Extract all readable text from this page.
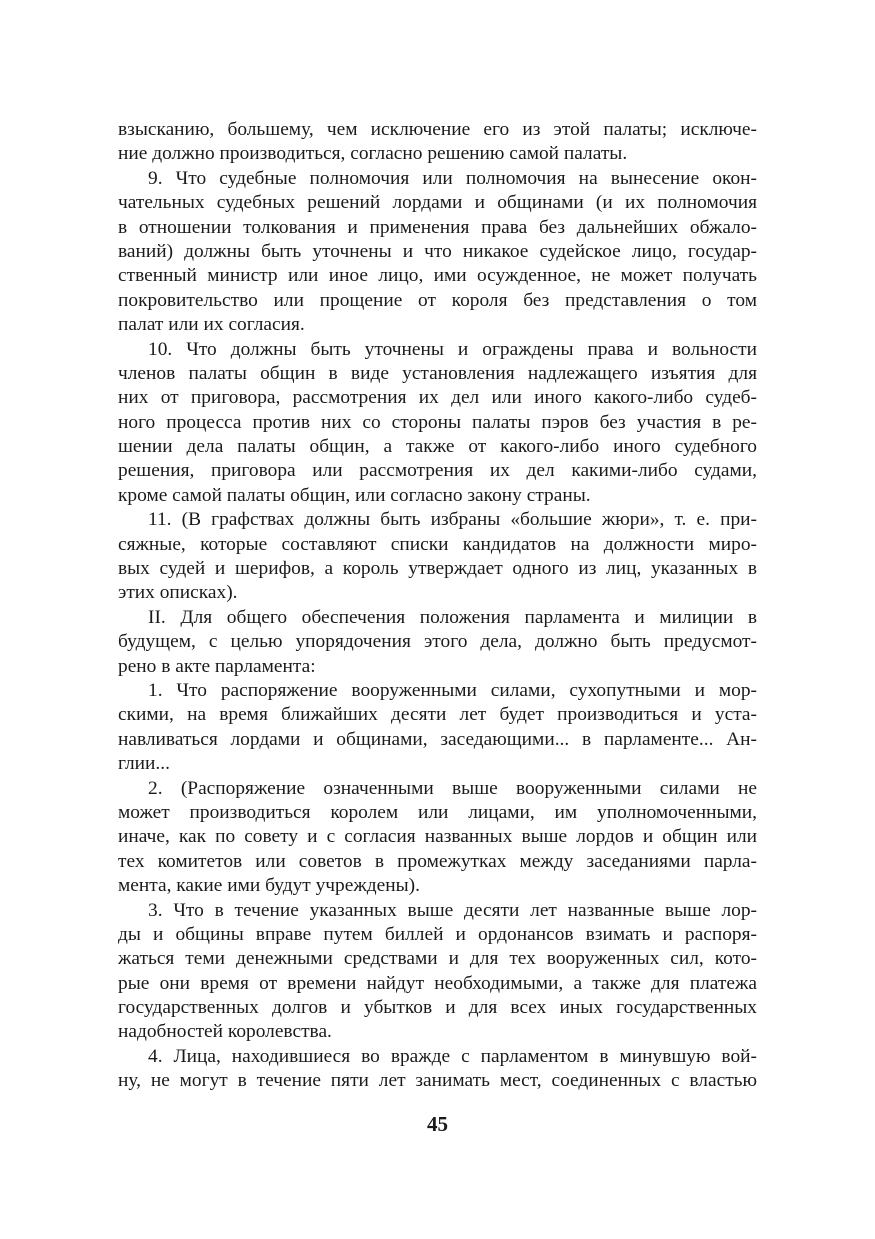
взысканию, большему, чем исключение его из этой палаты; исключе-
ние должно производиться, согласно решению самой палаты.
9. Что судебные полномочия или полномочия на вынесение окон-
чательных судебных решений лордами и общинами (и их полномочия
в отношении толкования и применения права без дальнейших обжало-
ваний) должны быть уточнены и что никакое судейское лицо, государ-
ственный министр или иное лицо, ими осужденное, не может получать
покровительство или прощение от короля без представления о том
палат или их согласия.
10. Что должны быть уточнены и ограждены права и вольности
членов палаты общин в виде установления надлежащего изъятия для
них от приговора, рассмотрения их дел или иного какого-либо судеб-
ного процесса против них со стороны палаты пэров без участия в ре-
шении дела палаты общин, а также от какого-либо иного судебного
решения, приговора или рассмотрения их дел какими-либо судами,
кроме самой палаты общин, или согласно закону страны.
11. (В графствах должны быть избраны «большие жюри», т. е. при-
сяжные, которые составляют списки кандидатов на должности миро-
вых судей и шерифов, а король утверждает одного из лиц, указанных в
этих описках).
II. Для общего обеспечения положения парламента и милиции в
будущем, с целью упорядочения этого дела, должно быть предусмот-
рено в акте парламента:
1. Что распоряжение вооруженными силами, сухопутными и мор-
скими, на время ближайших десяти лет будет производиться и уста-
навливаться лордами и общинами, заседающими... в парламенте... Ан-
глии...
2. (Распоряжение означенными выше вооруженными силами не
может производиться королем или лицами, им уполномоченными,
иначе, как по совету и с согласия названных выше лордов и общин или
тех комитетов или советов в промежутках между заседаниями парла-
мента, какие ими будут учреждены).
3. Что в течение указанных выше десяти лет названные выше лор-
ды и общины вправе путем биллей и ордонансов взимать и распоря-
жаться теми денежными средствами и для тех вооруженных сил, кото-
рые они время от времени найдут необходимыми, а также для платежа
государственных долгов и убытков и для всех иных государственных
надобностей королевства.
4. Лица, находившиеся во вражде с парламентом в минувшую вой-
ну, не могут в течение пяти лет занимать мест, соединенных с властью
45
